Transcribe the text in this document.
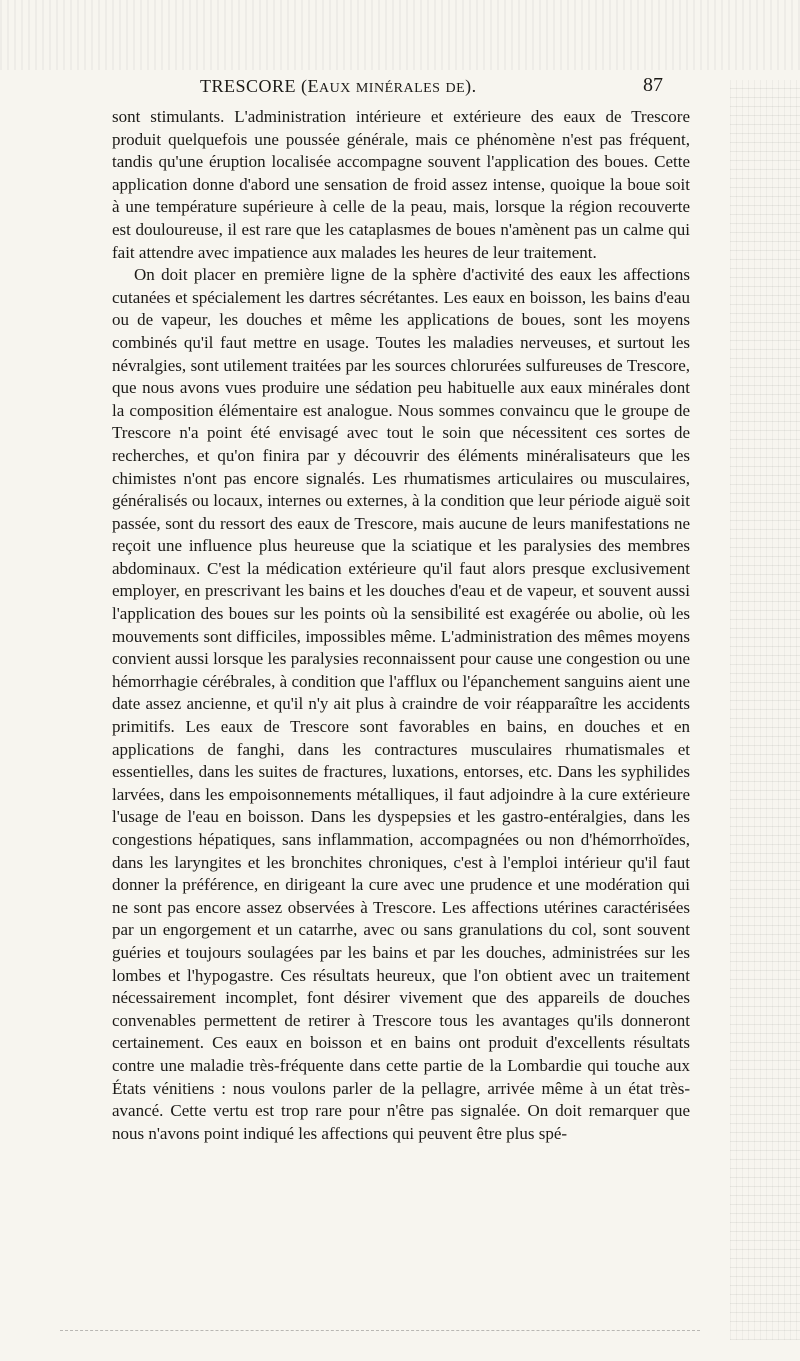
TRESCORE (EAUX MINÉRALES DE).	87

sont stimulants. L'administration intérieure et extérieure des eaux de Trescore produit quelquefois une poussée générale, mais ce phénomène n'est pas fréquent, tandis qu'une éruption localisée accompagne souvent l'application des boues. Cette application donne d'abord une sensation de froid assez intense, quoique la boue soit à une température supérieure à celle de la peau, mais, lorsque la région recouverte est douloureuse, il est rare que les cataplasmes de boues n'amènent pas un calme qui fait attendre avec impatience aux malades les heures de leur traitement.

On doit placer en première ligne de la sphère d'activité des eaux les affections cutanées et spécialement les dartres sécrétantes. Les eaux en boisson, les bains d'eau ou de vapeur, les douches et même les applications de boues, sont les moyens combinés qu'il faut mettre en usage. Toutes les maladies nerveuses, et surtout les névralgies, sont utilement traitées par les sources chlorurées sulfureuses de Trescore, que nous avons vues produire une sédation peu habituelle aux eaux minérales dont la composition élémentaire est analogue. Nous sommes convaincu que le groupe de Trescore n'a point été envisagé avec tout le soin que nécessitent ces sortes de recherches, et qu'on finira par y découvrir des éléments minéralisateurs que les chimistes n'ont pas encore signalés. Les rhumatismes articulaires ou musculaires, généralisés ou locaux, internes ou externes, à la condition que leur période aiguë soit passée, sont du ressort des eaux de Trescore, mais aucune de leurs manifestations ne reçoit une influence plus heureuse que la sciatique et les paralysies des membres abdominaux. C'est la médication extérieure qu'il faut alors presque exclusivement employer, en prescrivant les bains et les douches d'eau et de vapeur, et souvent aussi l'application des boues sur les points où la sensibilité est exagérée ou abolie, où les mouvements sont difficiles, impossibles même. L'administration des mêmes moyens convient aussi lorsque les paralysies reconnaissent pour cause une congestion ou une hémorrhagie cérébrales, à condition que l'afflux ou l'épanchement sanguins aient une date assez ancienne, et qu'il n'y ait plus à craindre de voir réapparaître les accidents primitifs. Les eaux de Trescore sont favorables en bains, en douches et en applications de fanghi, dans les contractures musculaires rhumatismales et essentielles, dans les suites de fractures, luxations, entorses, etc. Dans les syphilides larvées, dans les empoisonnements métalliques, il faut adjoindre à la cure extérieure l'usage de l'eau en boisson. Dans les dyspepsies et les gastro-entéralgies, dans les congestions hépatiques, sans inflammation, accompagnées ou non d'hémorrhoïdes, dans les laryngites et les bronchites chroniques, c'est à l'emploi intérieur qu'il faut donner la préférence, en dirigeant la cure avec une prudence et une modération qui ne sont pas encore assez observées à Trescore. Les affections utérines caractérisées par un engorgement et un catarrhe, avec ou sans granulations du col, sont souvent guéries et toujours soulagées par les bains et par les douches, administrées sur les lombes et l'hypogastre. Ces résultats heureux, que l'on obtient avec un traitement nécessairement incomplet, font désirer vivement que des appareils de douches convenables permettent de retirer à Trescore tous les avantages qu'ils donneront certainement. Ces eaux en boisson et en bains ont produit d'excellents résultats contre une maladie très-fréquente dans cette partie de la Lombardie qui touche aux États vénitiens : nous voulons parler de la pellagre, arrivée même à un état très-avancé. Cette vertu est trop rare pour n'être pas signalée. On doit remarquer que nous n'avons point indiqué les affections qui peuvent être plus spé-
